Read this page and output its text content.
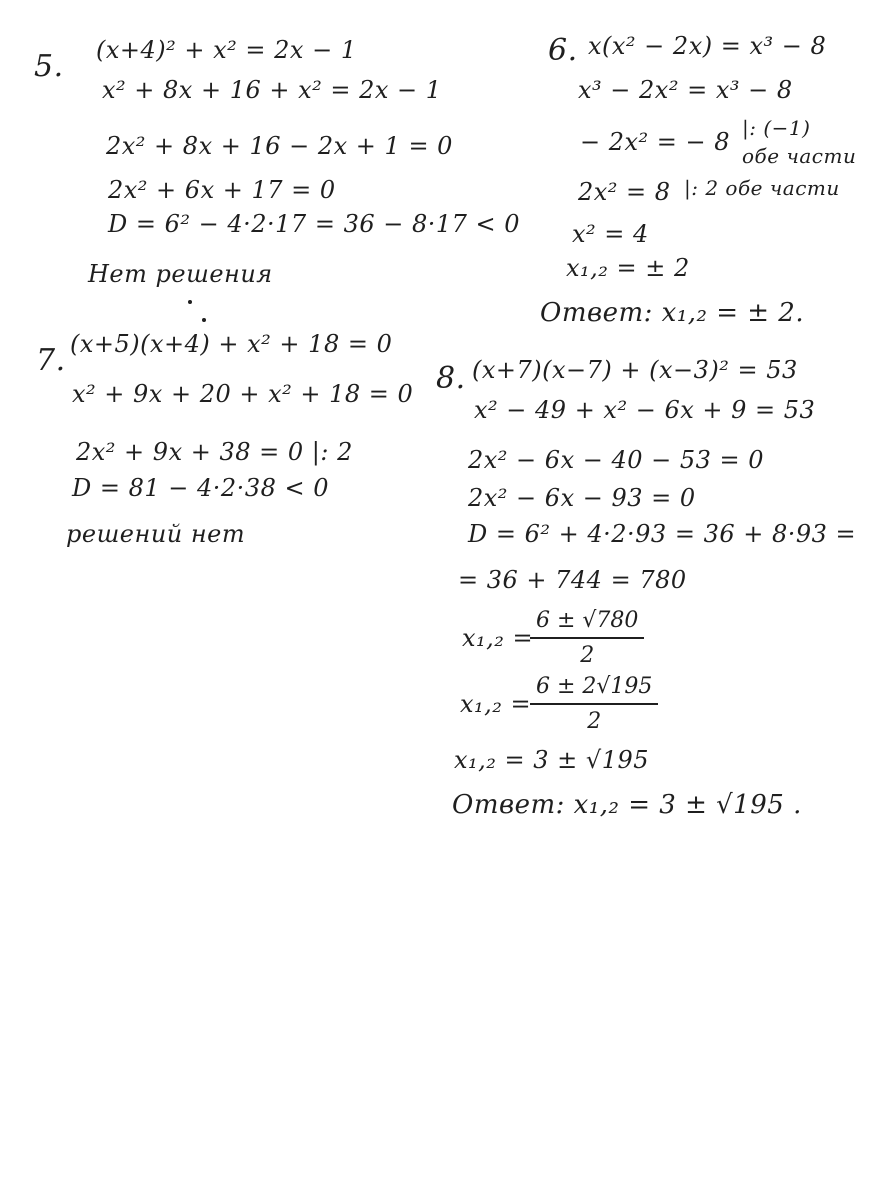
5. (x+4)² + x² = 2x − 1
x² + 8x + 16 + x² = 2x − 1
2x² + 8x + 16 − 2x + 1 = 0
2x² + 6x + 17 = 0
D = 6² − 4·2·17 = 36 − 8·17 < 0
Нет решения
6. x(x² − 2x) = x³ − 8
x³ − 2x² = x³ − 8
− 2x² = − 8 |: (−1)
обе части
2x² = 8 |: 2 обе части
x² = 4
x₁,₂ = ± 2
Ответ: x₁,₂ = ± 2.
7. (x+5)(x+4) + x² + 18 = 0
x² + 9x + 20 + x² + 18 = 0
2x² + 9x + 38 = 0 |: 2
D = 81 − 4·2·38 < 0
решений нет
8. (x+7)(x−7) + (x−3)² = 53
x² − 49 + x² − 6x + 9 = 53
2x² − 6x − 40 − 53 = 0
2x² − 6x − 93 = 0
D = 6² + 4·2·93 = 36 + 8·93 =
= 36 + 744 = 780
x₁,₂ =
6 ± √780
2
x₁,₂ =
6 ± 2√195
2
x₁,₂ = 3 ± √195
Ответ: x₁,₂ = 3 ± √195 .
